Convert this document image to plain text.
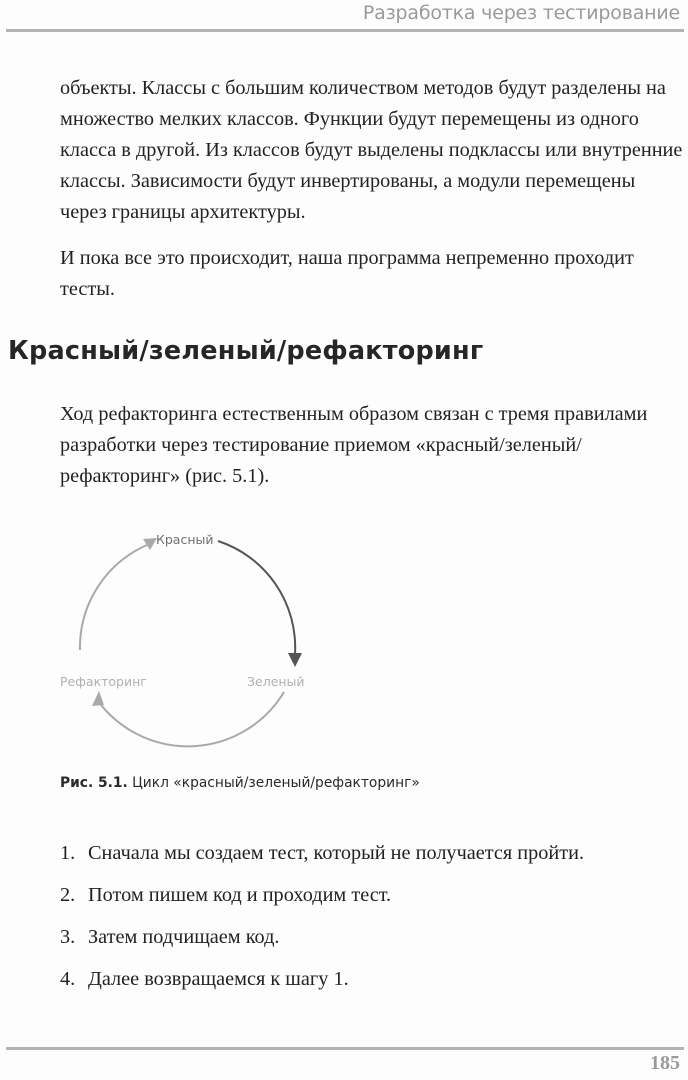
Разработка через тестирование

объекты. Классы с большим количеством методов будут разделены на множество мелких классов. Функции будут перемещены из одного класса в другой. Из классов будут выделены подклассы или внутренние классы. Зависимости будут инвертированы, а модули перемещены через границы архитектуры.

И пока все это происходит, наша программа непременно проходит тесты.

Красный/зеленый/рефакторинг

Ход рефакторинга естественным образом связан с тремя правилами разработки через тестирование приемом «красный/зеленый/рефакторинг» (рис. 5.1).

Красный
Зеленый
Рефакторинг

Рис. 5.1. Цикл «красный/зеленый/рефакторинг»

1. Сначала мы создаем тест, который не получается пройти.
2. Потом пишем код и проходим тест.
3. Затем подчищаем код.
4. Далее возвращаемся к шагу 1.
185
